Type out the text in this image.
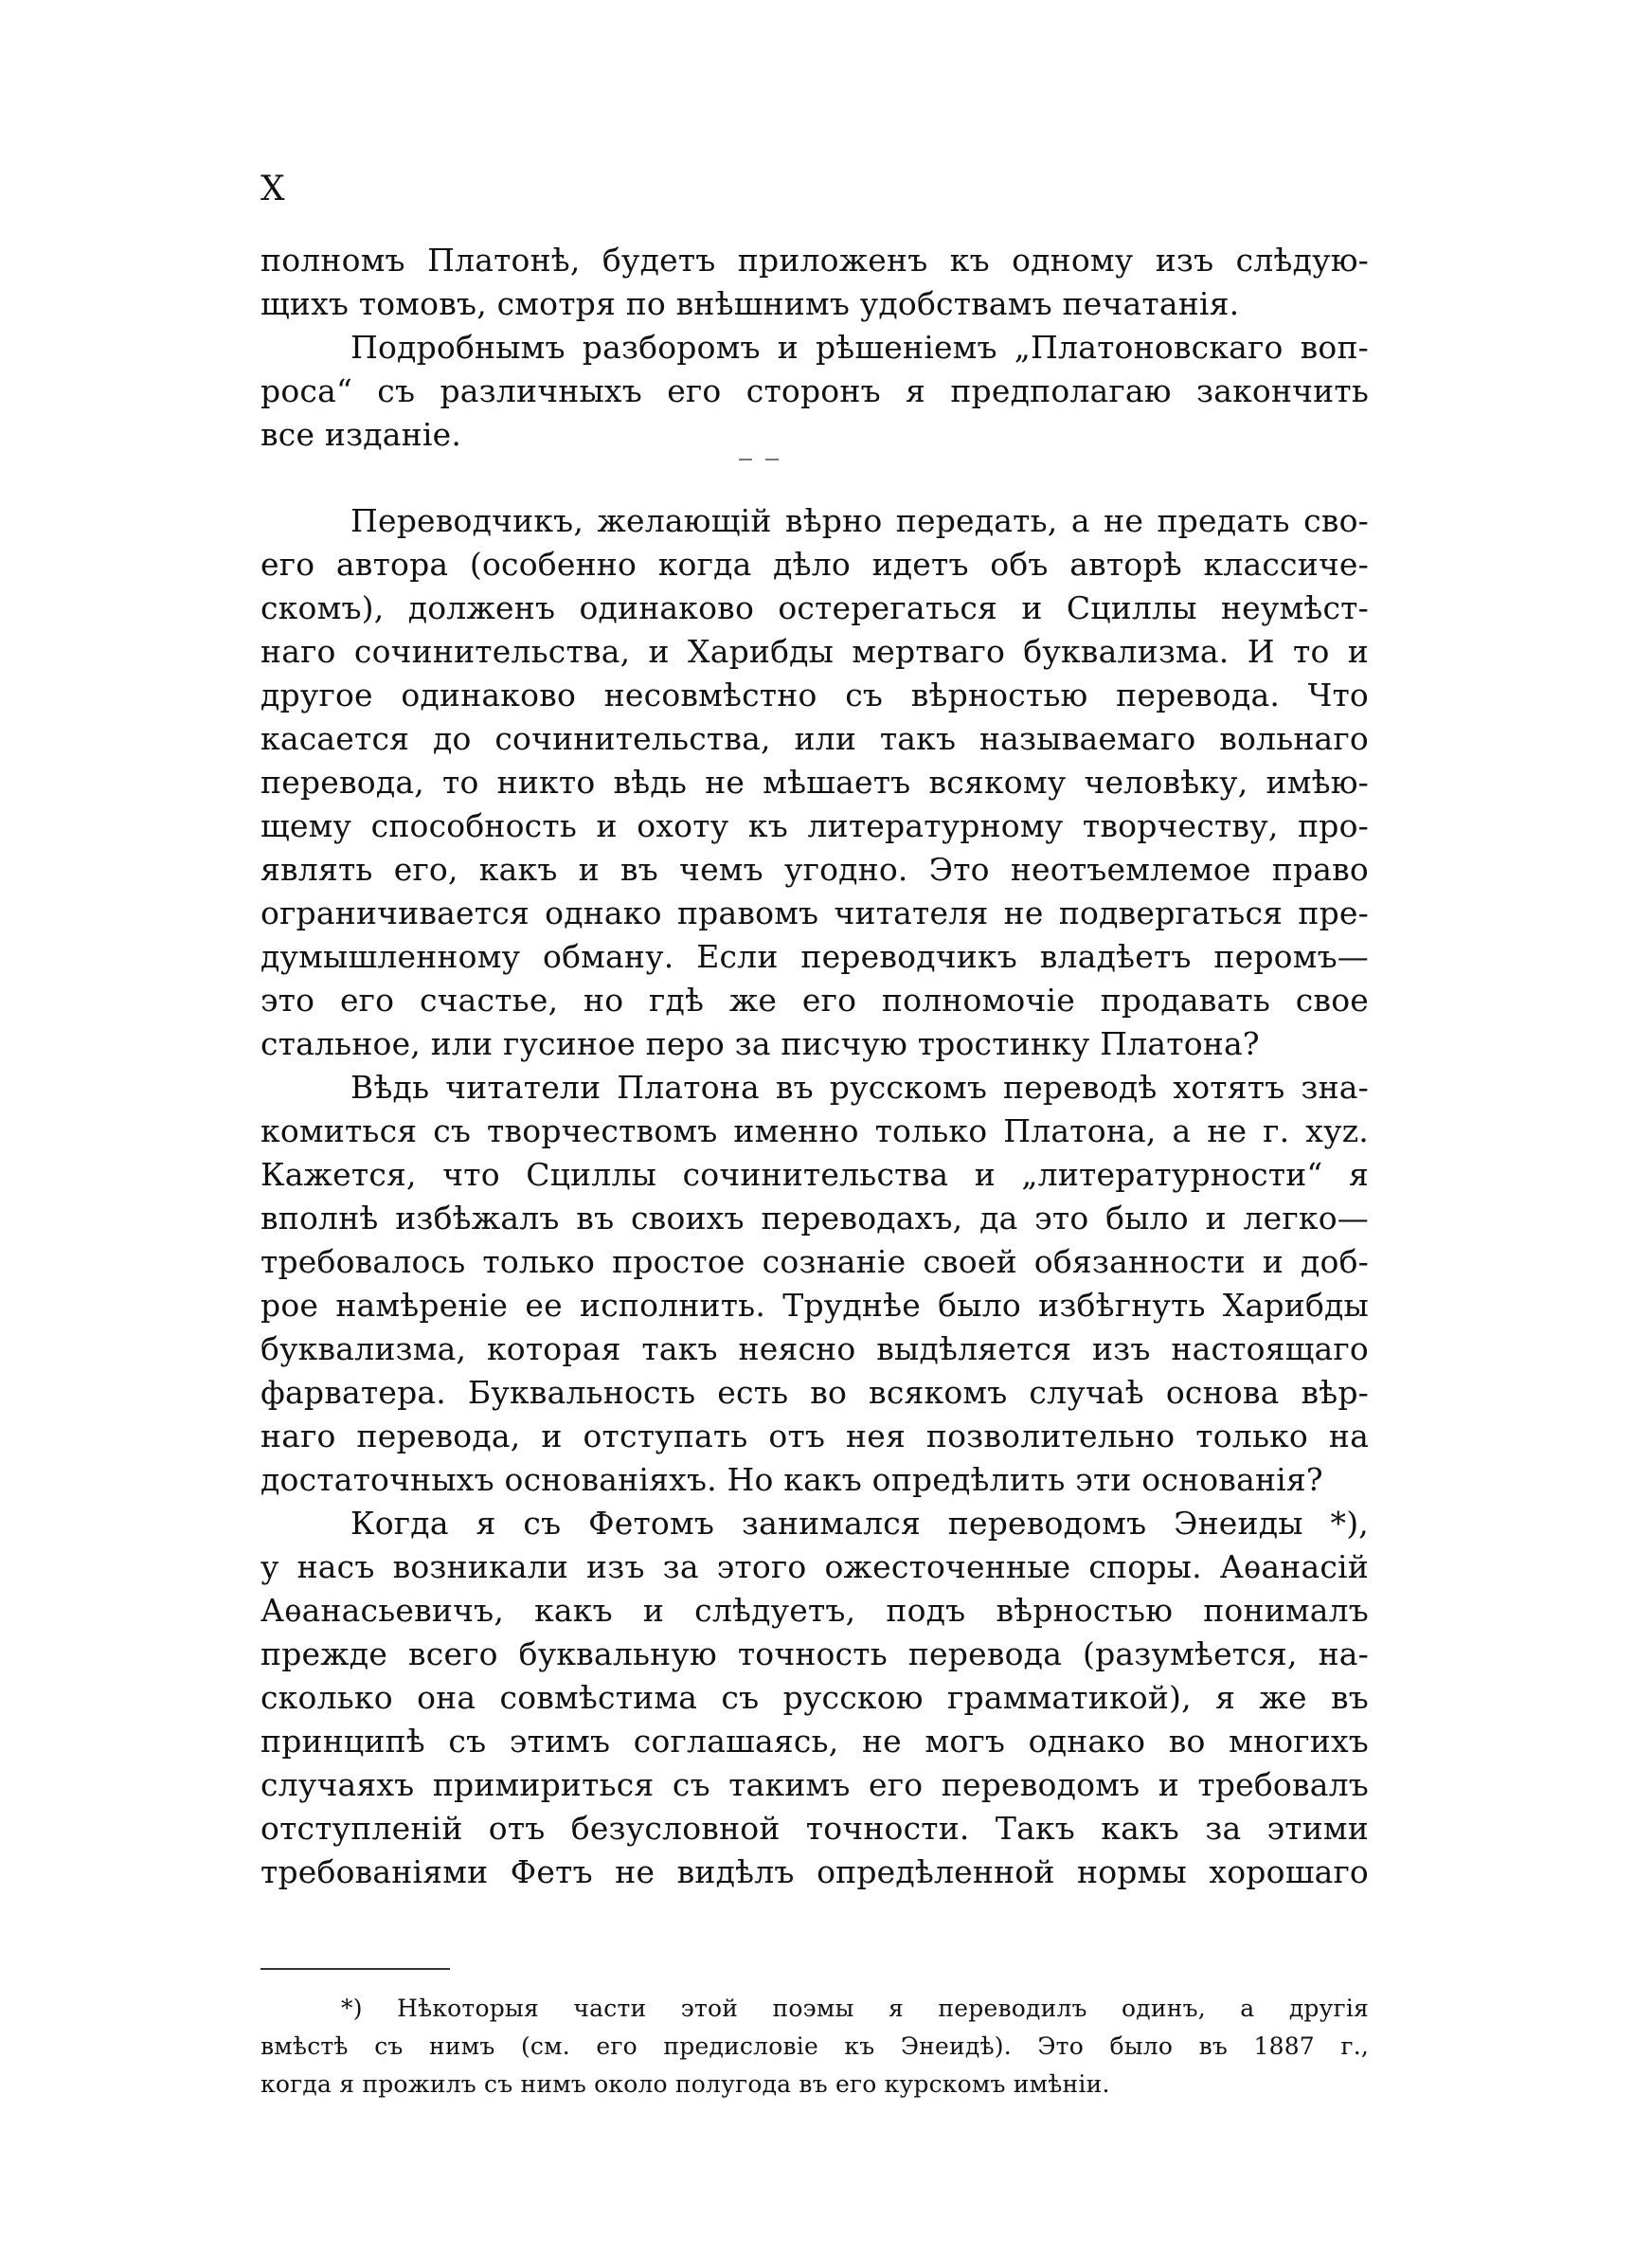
X
полномъ Платонѣ, будетъ приложенъ къ одному изъ слѣдую-
щихъ томовъ, смотря по внѣшнимъ удобствамъ печатанія.
Подробнымъ разборомъ и рѣшеніемъ „Платоновскаго воп-
роса“ съ различныхъ его сторонъ я предполагаю закончить
все изданіе.
Переводчикъ, желающій вѣрно передать, а не предать сво-
его автора (особенно когда дѣло идетъ объ авторѣ классиче-
скомъ), долженъ одинаково остерегаться и Сциллы неумѣст-
наго сочинительства, и Харибды мертваго буквализма. И то и
другое одинаково несовмѣстно съ вѣрностью перевода. Что
касается до сочинительства, или такъ называемаго вольнаго
перевода, то никто вѣдь не мѣшаетъ всякому человѣку, имѣю-
щему способность и охоту къ литературному творчеству, про-
являть его, какъ и въ чемъ угодно. Это неотъемлемое право
ограничивается однако правомъ читателя не подвергаться пре-
думышленному обману. Если переводчикъ владѣетъ перомъ—
это его счастье, но гдѣ же его полномочіе продавать свое
стальное, или гусиное перо за писчую тростинку Платона?
Вѣдь читатели Платона въ русскомъ переводѣ хотятъ зна-
комиться съ творчествомъ именно только Платона, а не г. хуz.
Кажется, что Сциллы сочинительства и „литературности“ я
вполнѣ избѣжалъ въ своихъ переводахъ, да это было и легко—
требовалось только простое сознаніе своей обязанности и доб-
рое намѣреніе ее исполнить. Труднѣе было избѣгнуть Харибды
буквализма, которая такъ неясно выдѣляется изъ настоящаго
фарватера. Буквальность есть во всякомъ случаѣ основа вѣр-
наго перевода, и отступать отъ нея позволительно только на
достаточныхъ основаніяхъ. Но какъ опредѣлить эти основанія?
Когда я съ Фетомъ занимался переводомъ Энеиды *),
у насъ возникали изъ за этого ожесточенные споры. Аѳанасій
Аѳанасьевичъ, какъ и слѣдуетъ, подъ вѣрностью понималъ
прежде всего буквальную точность перевода (разумѣется, на-
сколько она совмѣстима съ русскою грамматикой), я же въ
принципѣ съ этимъ соглашаясь, не могъ однако во многихъ
случаяхъ примириться съ такимъ его переводомъ и требовалъ
отступленій отъ безусловной точности. Такъ какъ за этими
требованіями Фетъ не видѣлъ опредѣленной нормы хорошаго
*) Нѣкоторыя части этой поэмы я переводилъ одинъ, а другія
вмѣстѣ съ нимъ (см. его предисловіе къ Энеидѣ). Это было въ 1887 г.,
когда я прожилъ съ нимъ около полугода въ его курскомъ имѣніи.
